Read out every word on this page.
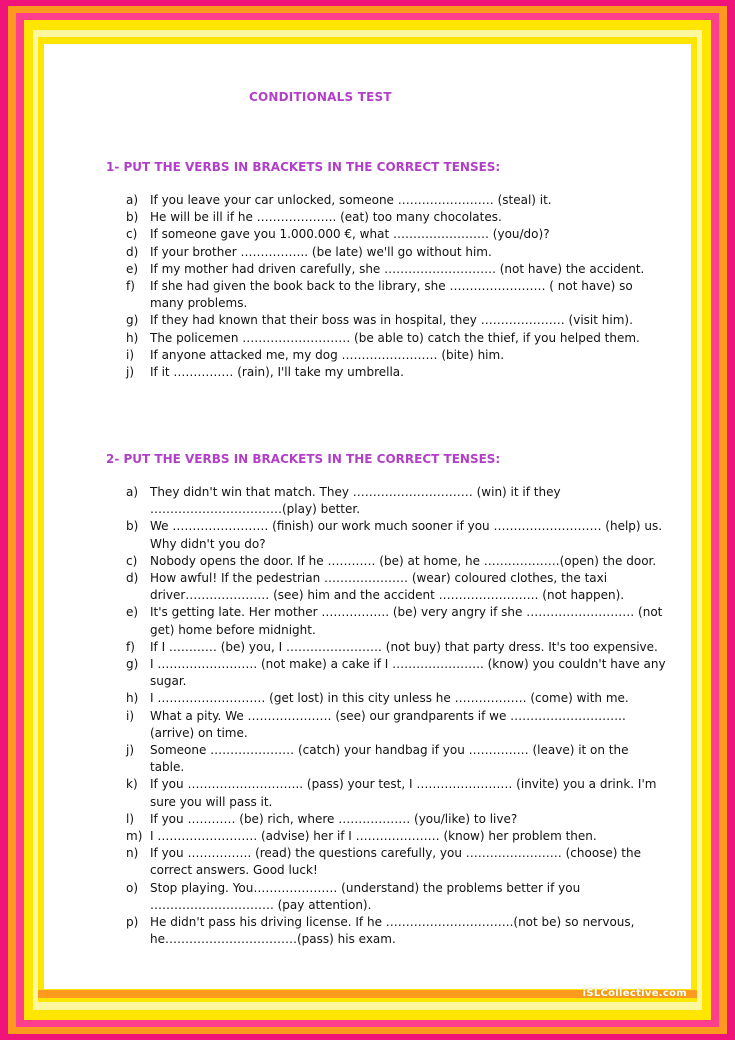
CONDITIONALS TEST
1- PUT THE VERBS IN BRACKETS IN THE CORRECT TENSES:
a) If you leave your car unlocked, someone …………………… (steal) it.
b) He will be ill if he ……………….. (eat) too many chocolates.
c)	If someone gave you 1.000.000 €, what …………………… (you/do)?
d) If your brother …………….. (be late) we'll go without him.
e) If my mother had driven carefully, she ………………………. (not have) the accident.
f)	If she had given the book back to the library, she …………………… ( not have) so many problems.
g) If they had known that their boss was in hospital, they ………………… (visit him).
h) The policemen ……………………… (be able to) catch the thief, if you helped them.
i)	If anyone attacked me, my dog …………………… (bite) him.
j)	If it …………… (rain), I'll take my umbrella.
2- PUT THE VERBS IN BRACKETS IN THE CORRECT TENSES:
a) They didn't win that match. They ………………………… (win) it if they ……………………………(play) better.
b) We …………………… (finish) our work much sooner if you ……………………… (help) us. Why didn't you do?
c)	Nobody opens the door. If he ………… (be) at home, he ……………….(open) the door.
d) How awful! If the pedestrian ………………… (wear) coloured clothes, the taxi driver………………… (see) him and the accident ……………………. (not happen).
e) It's getting late. Her mother …………….. (be) very angry if she ……………………… (not get) home before midnight.
f)	If I ………… (be) you, I …………………… (not buy) that party dress. It's too expensive.
g) I ……………………. (not make) a cake if I ………………….. (know) you couldn't have any sugar.
h) I ……………………… (get lost) in this city unless he ……………… (come) with me.
i)	What a pity. We ………………… (see) our grandparents if we ……………………….. (arrive) on time.
j)	Someone ………………… (catch) your handbag if you …………… (leave) it on the table.
k)	If you ……………………….. (pass) your test, I …………………… (invite) you a drink. I'm sure you will pass it.
l)	If you ………… (be) rich, where ……………… (you/like) to live?
m) I ……………………. (advise) her if I ………………… (know) her problem then.
n) If you ……………. (read) the questions carefully, you …………………… (choose) the correct answers. Good luck!
o) Stop playing. You………………… (understand) the problems better if you …………………………. (pay attention).
p) He didn't pass his driving license. If he …………………………..(not be) so nervous, he……………………………(pass) his exam.
iSLCollective.com
